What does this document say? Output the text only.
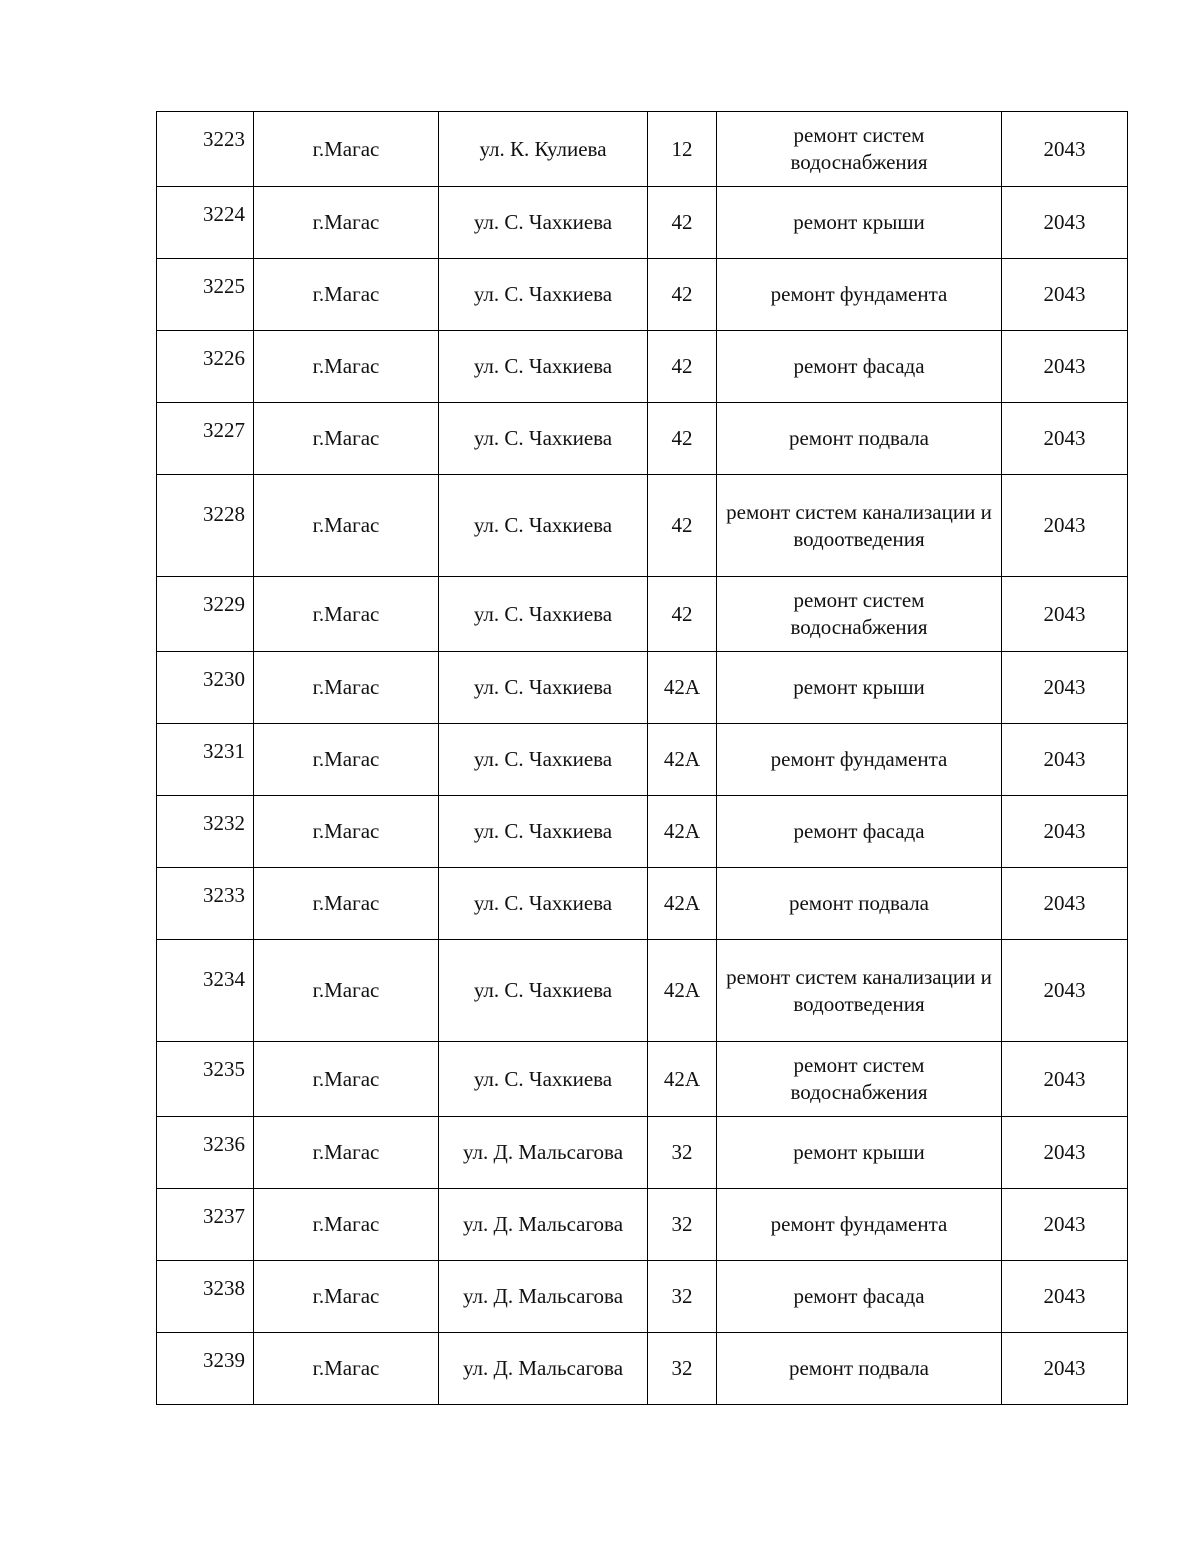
3223	г.Магас	ул. К. Кулиева	12	ремонт систем водоснабжения	2043
3224	г.Магас	ул. С. Чахкиева	42	ремонт крыши	2043
3225	г.Магас	ул. С. Чахкиева	42	ремонт фундамента	2043
3226	г.Магас	ул. С. Чахкиева	42	ремонт фасада	2043
3227	г.Магас	ул. С. Чахкиева	42	ремонт подвала	2043
3228	г.Магас	ул. С. Чахкиева	42	ремонт систем канализации и водоотведения	2043
3229	г.Магас	ул. С. Чахкиева	42	ремонт систем водоснабжения	2043
3230	г.Магас	ул. С. Чахкиева	42А	ремонт крыши	2043
3231	г.Магас	ул. С. Чахкиева	42А	ремонт фундамента	2043
3232	г.Магас	ул. С. Чахкиева	42А	ремонт фасада	2043
3233	г.Магас	ул. С. Чахкиева	42А	ремонт подвала	2043
3234	г.Магас	ул. С. Чахкиева	42А	ремонт систем канализации и водоотведения	2043
3235	г.Магас	ул. С. Чахкиева	42А	ремонт систем водоснабжения	2043
3236	г.Магас	ул. Д. Мальсагова	32	ремонт крыши	2043
3237	г.Магас	ул. Д. Мальсагова	32	ремонт фундамента	2043
3238	г.Магас	ул. Д. Мальсагова	32	ремонт фасада	2043
3239	г.Магас	ул. Д. Мальсагова	32	ремонт подвала	2043
